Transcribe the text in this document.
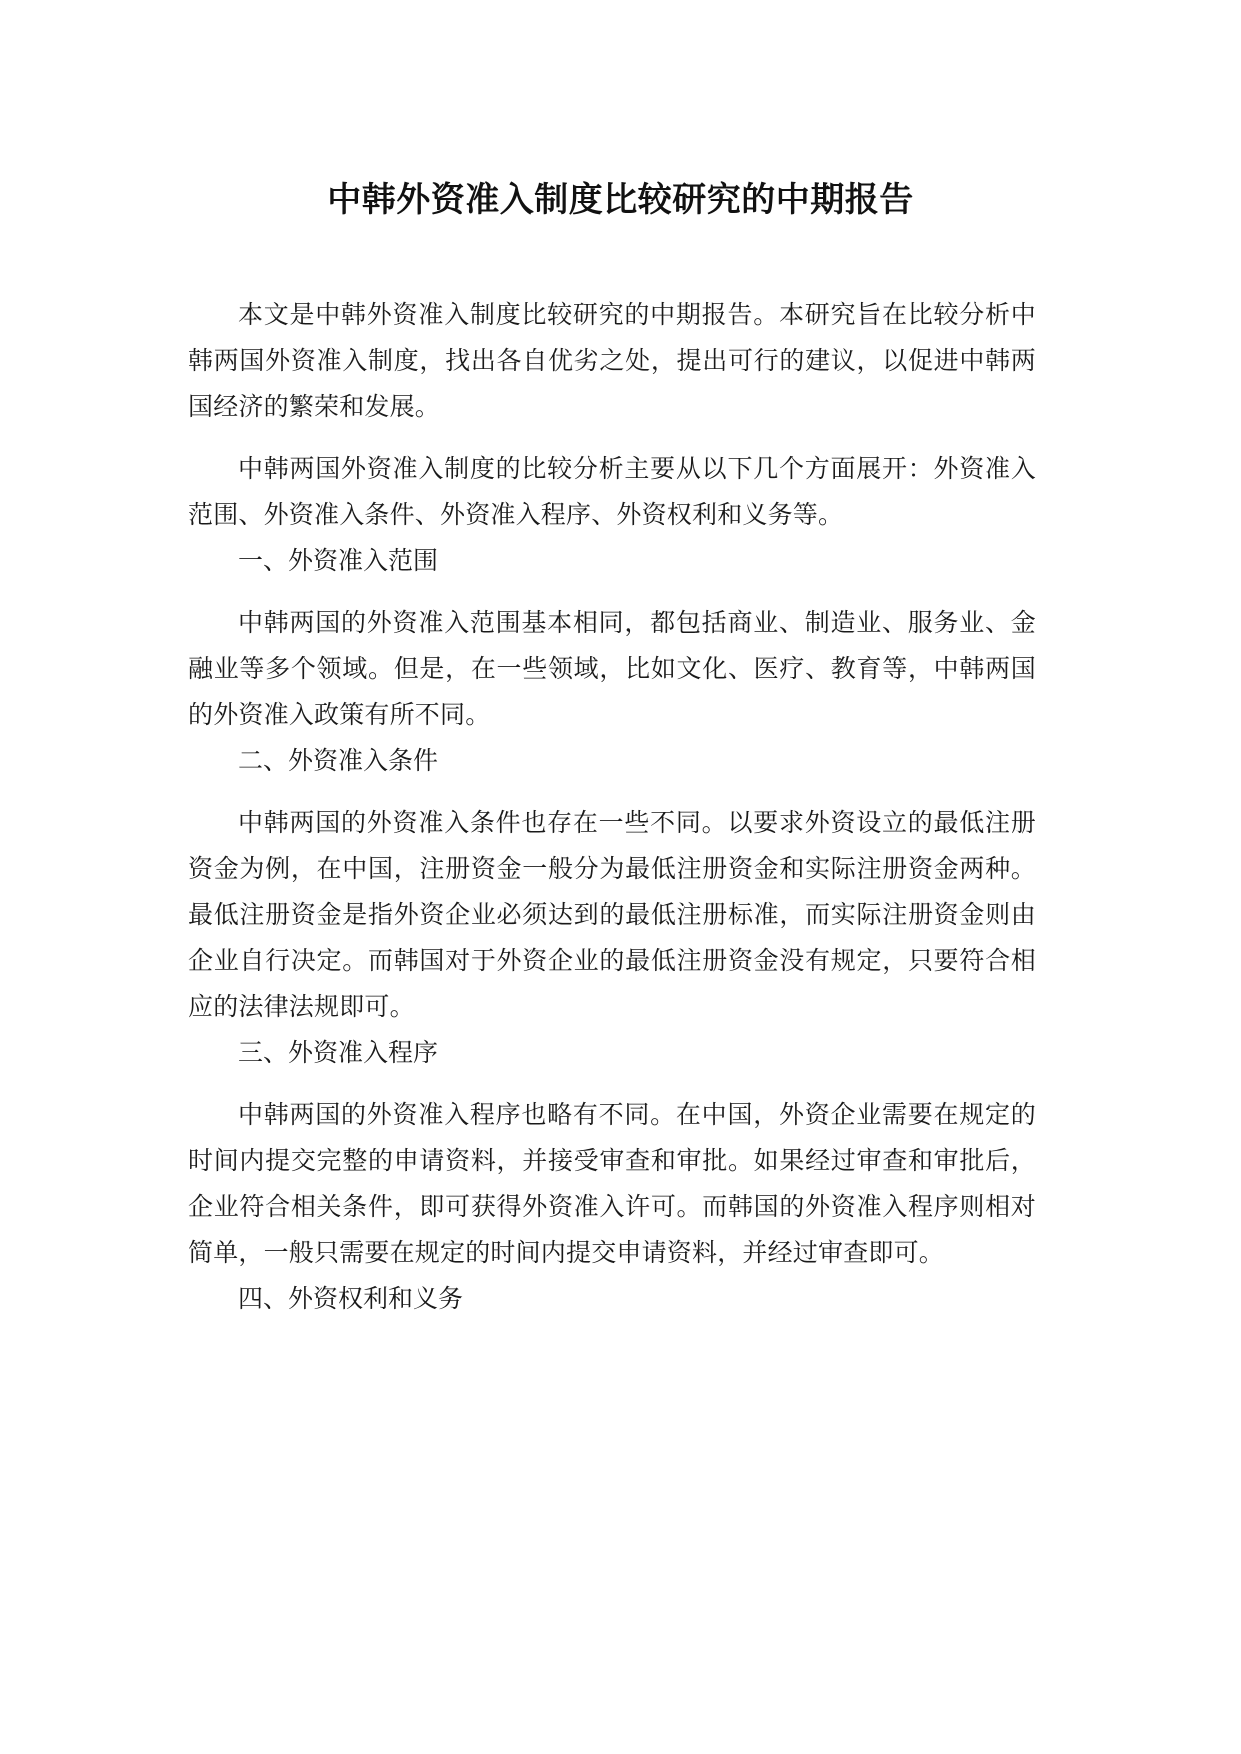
中韩外资准入制度比较研究的中期报告

本文是中韩外资准入制度比较研究的中期报告。本研究旨在比较分析中韩两国外资准入制度，找出各自优劣之处，提出可行的建议，以促进中韩两国经济的繁荣和发展。

中韩两国外资准入制度的比较分析主要从以下几个方面展开：外资准入范围、外资准入条件、外资准入程序、外资权利和义务等。

一、外资准入范围

中韩两国的外资准入范围基本相同，都包括商业、制造业、服务业、金融业等多个领域。但是，在一些领域，比如文化、医疗、教育等，中韩两国的外资准入政策有所不同。

二、外资准入条件

中韩两国的外资准入条件也存在一些不同。以要求外资设立的最低注册资金为例，在中国，注册资金一般分为最低注册资金和实际注册资金两种。最低注册资金是指外资企业必须达到的最低注册标准，而实际注册资金则由企业自行决定。而韩国对于外资企业的最低注册资金没有规定，只要符合相应的法律法规即可。

三、外资准入程序

中韩两国的外资准入程序也略有不同。在中国，外资企业需要在规定的时间内提交完整的申请资料，并接受审查和审批。如果经过审查和审批后，企业符合相关条件，即可获得外资准入许可。而韩国的外资准入程序则相对简单，一般只需要在规定的时间内提交申请资料，并经过审查即可。

四、外资权利和义务
